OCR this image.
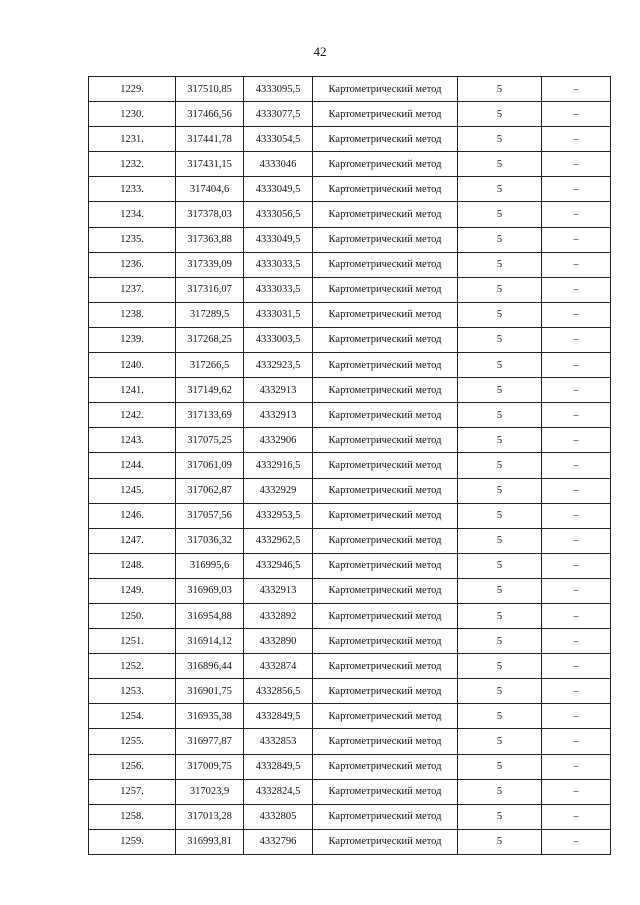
42
1229.	317510,85	4333095,5	Картометрический метод	5	–
1230.	317466,56	4333077,5	Картометрический метод	5	–
1231.	317441,78	4333054,5	Картометрический метод	5	–
1232.	317431,15	4333046	Картометрический метод	5	–
1233.	317404,6	4333049,5	Картометрический метод	5	–
1234.	317378,03	4333056,5	Картометрический метод	5	–
1235.	317363,88	4333049,5	Картометрический метод	5	–
1236.	317339,09	4333033,5	Картометрический метод	5	–
1237.	317316,07	4333033,5	Картометрический метод	5	–
1238.	317289,5	4333031,5	Картометрический метод	5	–
1239.	317268,25	4333003,5	Картометрический метод	5	–
1240.	317266,5	4332923,5	Картометрический метод	5	–
1241.	317149,62	4332913	Картометрический метод	5	–
1242.	317133,69	4332913	Картометрический метод	5	–
1243.	317075,25	4332906	Картометрический метод	5	–
1244.	317061,09	4332916,5	Картометрический метод	5	–
1245.	317062,87	4332929	Картометрический метод	5	–
1246.	317057,56	4332953,5	Картометрический метод	5	–
1247.	317036,32	4332962,5	Картометрический метод	5	–
1248.	316995,6	4332946,5	Картометрический метод	5	–
1249.	316969,03	4332913	Картометрический метод	5	–
1250.	316954,88	4332892	Картометрический метод	5	–
1251.	316914,12	4332890	Картометрический метод	5	–
1252.	316896,44	4332874	Картометрический метод	5	–
1253.	316901,75	4332856,5	Картометрический метод	5	–
1254.	316935,38	4332849,5	Картометрический метод	5	–
1255.	316977,87	4332853	Картометрический метод	5	–
1256.	317009,75	4332849,5	Картометрический метод	5	–
1257.	317023,9	4332824,5	Картометрический метод	5	–
1258.	317013,28	4332805	Картометрический метод	5	–
1259.	316993,81	4332796	Картометрический метод	5	–
